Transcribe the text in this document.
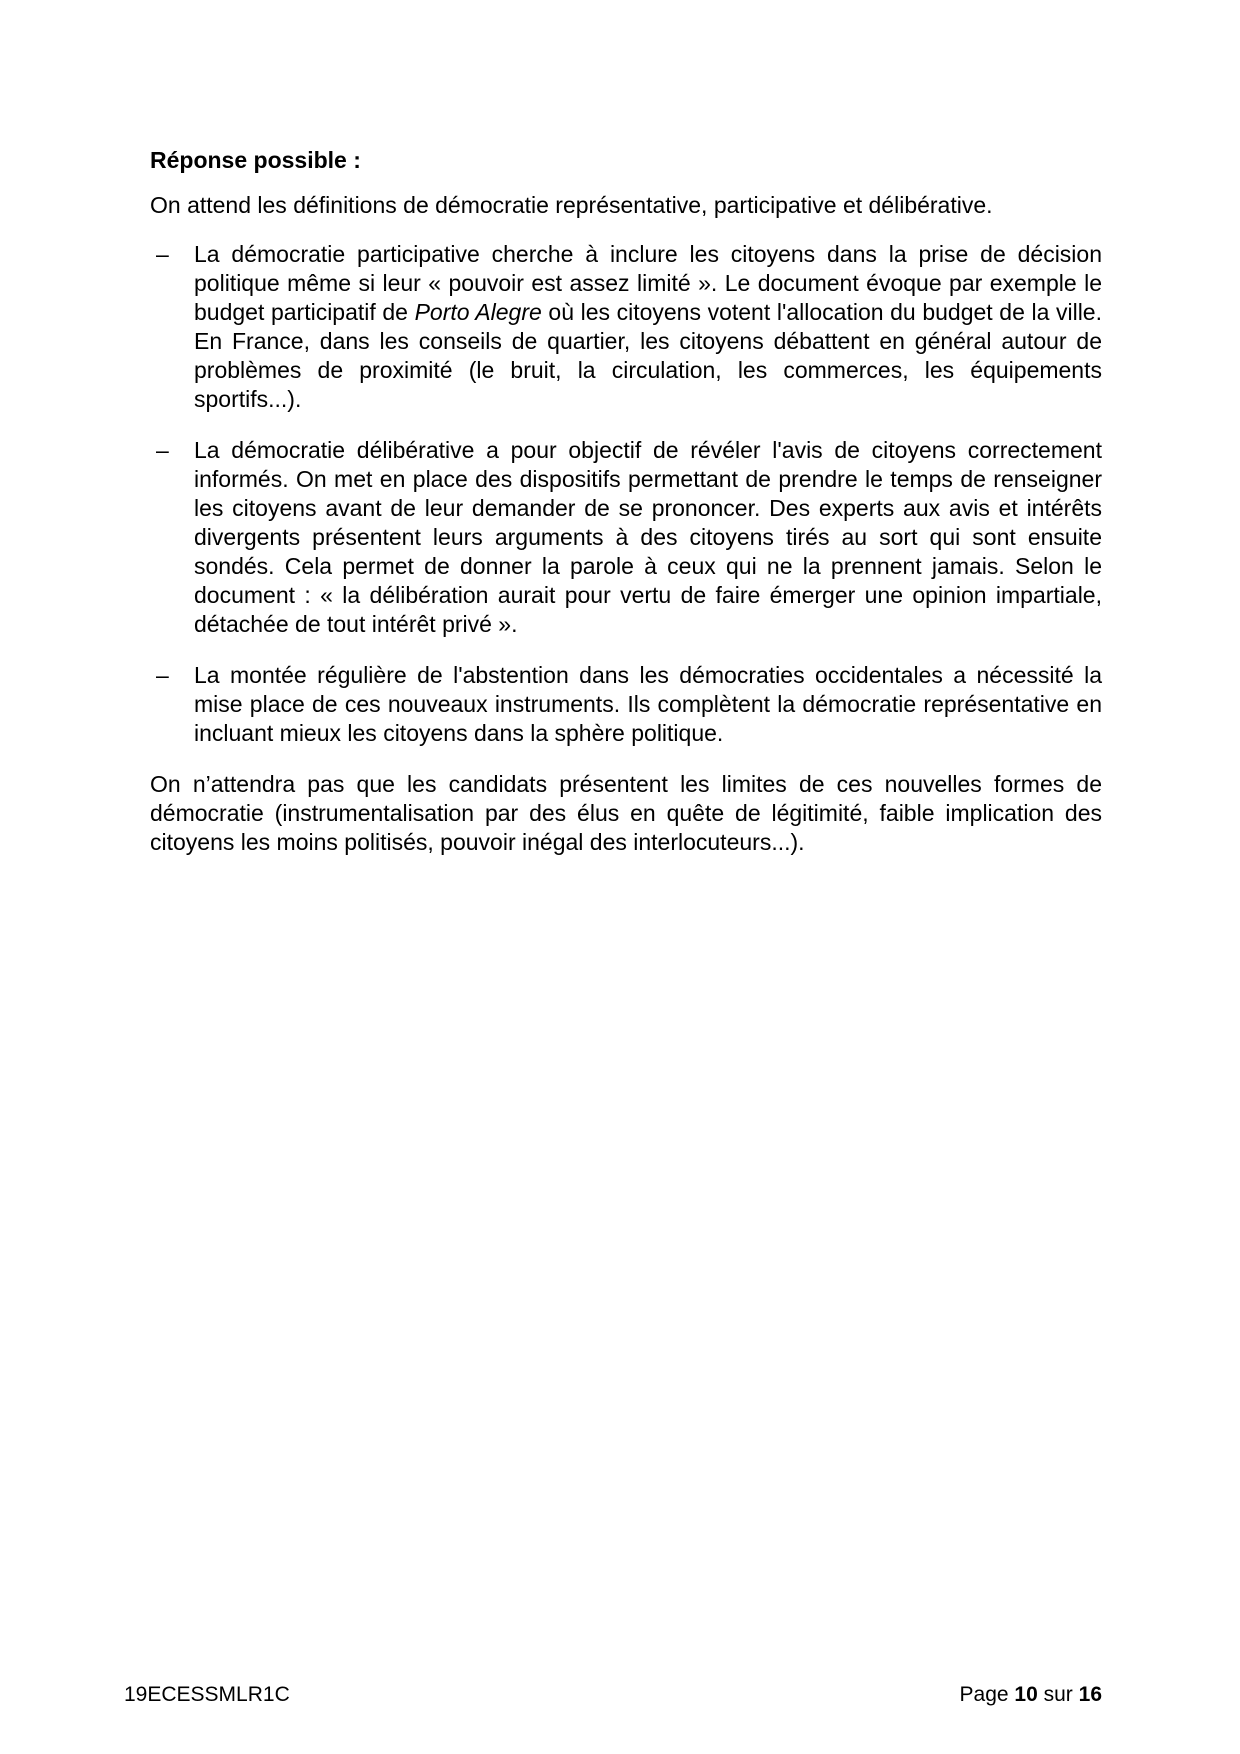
Réponse possible :

On attend les définitions de démocratie représentative, participative et délibérative.

– La démocratie participative cherche à inclure les citoyens dans la prise de décision politique même si leur « pouvoir est assez limité ». Le document évoque par exemple le budget participatif de Porto Alegre où les citoyens votent l'allocation du budget de la ville. En France, dans les conseils de quartier, les citoyens débattent en général autour de problèmes de proximité (le bruit, la circulation, les commerces, les équipements sportifs...).
– La démocratie délibérative a pour objectif de révéler l'avis de citoyens correctement informés. On met en place des dispositifs permettant de prendre le temps de renseigner les citoyens avant de leur demander de se prononcer. Des experts aux avis et intérêts divergents présentent leurs arguments à des citoyens tirés au sort qui sont ensuite sondés. Cela permet de donner la parole à ceux qui ne la prennent jamais. Selon le document : « la délibération aurait pour vertu de faire émerger une opinion impartiale, détachée de tout intérêt privé ».
– La montée régulière de l'abstention dans les démocraties occidentales a nécessité la mise place de ces nouveaux instruments. Ils complètent la démocratie représentative en incluant mieux les citoyens dans la sphère politique.

On n’attendra pas que les candidats présentent les limites de ces nouvelles formes de démocratie (instrumentalisation par des élus en quête de légitimité, faible implication des citoyens les moins politisés, pouvoir inégal des interlocuteurs...).

19ECESSMLR1C	Page 10 sur 16
